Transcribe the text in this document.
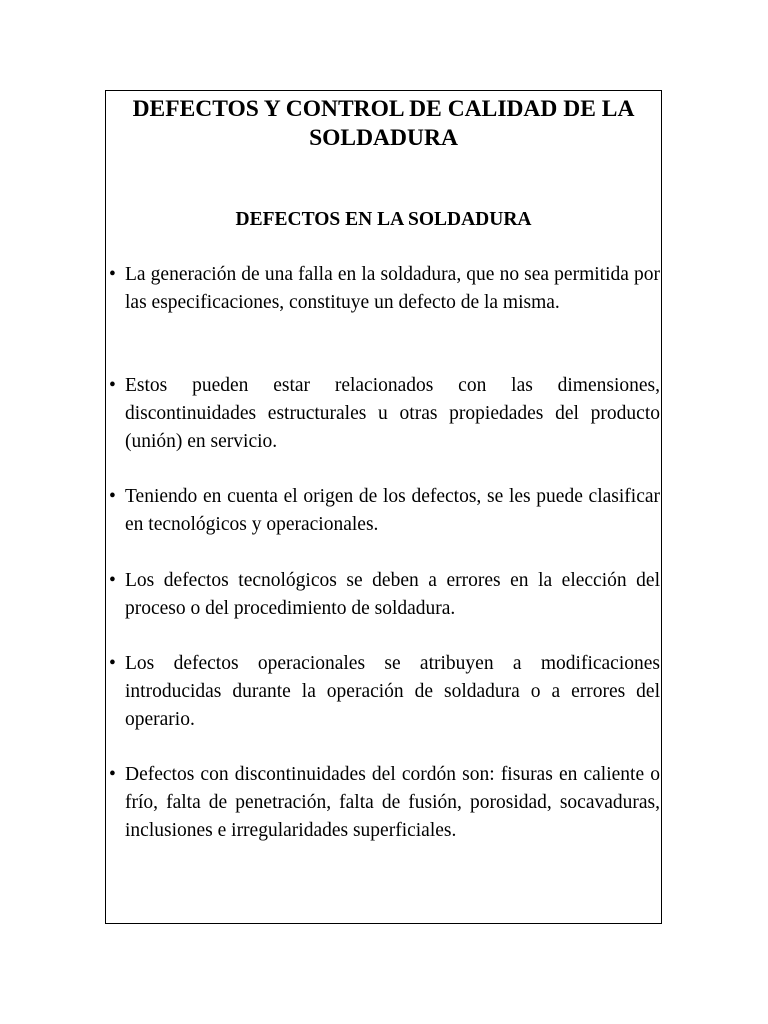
DEFECTOS Y CONTROL DE CALIDAD DE LA SOLDADURA
DEFECTOS EN LA SOLDADURA
• La generación de una falla en la soldadura, que no sea permitida por las especificaciones, constituye un defecto de la misma.
• Estos pueden estar relacionados con las dimensiones, discontinuidades estructurales u otras propiedades del producto (unión) en servicio.
• Teniendo en cuenta el origen de los defectos, se les puede clasificar en tecnológicos y operacionales.
• Los defectos tecnológicos se deben a errores en la elección del proceso o del procedimiento de soldadura.
• Los defectos operacionales se atribuyen a modificaciones introducidas durante la operación de soldadura o a errores del operario.
• Defectos con discontinuidades del cordón son: fisuras en caliente o frío, falta de penetración, falta de fusión, porosidad, socavaduras, inclusiones e irregularidades superficiales.
